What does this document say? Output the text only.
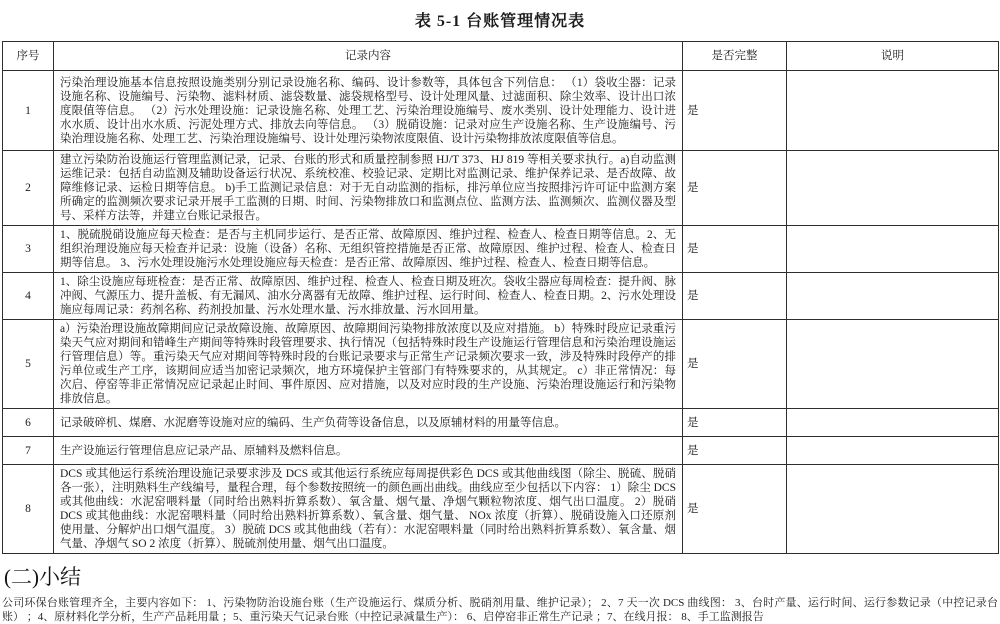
表 5-1 台账管理情况表
序号	记录内容	是否完整	说明
1	污染治理设施基本信息按照设施类别分别记录设施名称、编码、设计参数等，具体包含下列信息： （1）袋收尘器：记录设施名称、设施编号、污染物、滤料材质、滤袋数量、滤袋规格型号、设计处理风量、过滤面积、除尘效率、设计出口浓度限值等信息。 （2）污水处理设施：记录设施名称、处理工艺、污染治理设施编号、废水类别、设计处理能力、设计进水水质、设计出水水质、污泥处理方式、排放去向等信息。 （3）脱硝设施：记录对应生产设施名称、生产设施编号、污染治理设施名称、处理工艺、污染治理设施编号、设计处理污染物浓度限值、设计污染物排放浓度限值等信息。	是	
2	建立污染防治设施运行管理监测记录，记录、台账的形式和质量控制参照 HJ/T 373、HJ 819 等相关要求执行。a)自动监测运维记录：包括自动监测及辅助设备运行状况、系统校准、校验记录、定期比对监测记录、维护保养记录、是否故障、故障维修记录、运检日期等信息。 b)手工监测记录信息：对于无自动监测的指标，排污单位应当按照排污许可证中监测方案所确定的监测频次要求记录开展手工监测的日期、时间、污染物排放口和监测点位、监测方法、监测频次、监测仪器及型号、采样方法等，并建立台账记录报告。	是	
3	1、脱硫脱硝设施应每天检查：是否与主机同步运行、是否正常、故障原因、维护过程、检查人、检查日期等信息。2、无组织治理设施应每天检查并记录：设施（设备）名称、无组织管控措施是否正常、故障原因、维护过程、检查人、检查日期等信息。 3、污水处理设施污水处理设施应每天检查：是否正常、故障原因、维护过程、检查人、检查日期等信息。	是	
4	1、除尘设施应每班检查：是否正常、故障原因、维护过程、检查人、检查日期及班次。袋收尘器应每周检查：提升阀、脉冲阀、气源压力、提升盖板、有无漏风、油水分离器有无故障、维护过程、运行时间、检查人、检查日期。2、污水处理设施应每周记录：药剂名称、药剂投加量、污水处理水量、污水排放量、污水回用量。	是	
5	a）污染治理设施故障期间应记录故障设施、故障原因、故障期间污染物排放浓度以及应对措施。 b）特殊时段应记录重污染天气应对期间和错峰生产期间等特殊时段管理要求、执行情况（包括特殊时段生产设施运行管理信息和污染治理设施运行管理信息）等。重污染天气应对期间等特殊时段的台账记录要求与正常生产记录频次要求一致，涉及特殊时段停产的排污单位或生产工序，该期间应适当加密记录频次，地方环境保护主管部门有特殊要求的，从其规定。 c）非正常情况：每次启、停窑等非正常情况应记录起止时间、事件原因、应对措施，以及对应时段的生产设施、污染治理设施运行和污染物排放信息。	是	
6	记录破碎机、煤磨、水泥磨等设施对应的编码、生产负荷等设备信息，以及原辅材料的用量等信息。	是	
7	生产设施运行管理信息应记录产品、原辅料及燃料信息。	是	
8	DCS 或其他运行系统治理设施记录要求涉及 DCS 或其他运行系统应每周提供彩色 DCS 或其他曲线图（除尘、脱硫、脱硝各一张），注明熟料生产线编号，量程合理，每个参数按照统一的颜色画出曲线。曲线应至少包括以下内容： 1）除尘 DCS 或其他曲线：水泥窑喂料量（同时给出熟料折算系数）、氧含量、烟气量、净烟气颗粒物浓度、烟气出口温度。 2）脱硝 DCS 或其他曲线：水泥窑喂料量（同时给出熟料折算系数）、氧含量、烟气量、 NOx 浓度（折算）、脱硝设施入口还原剂使用量、分解炉出口烟气温度。 3）脱硫 DCS 或其他曲线（若有）：水泥窑喂料量（同时给出熟料折算系数）、氧含量、烟气量、净烟气 SO 2 浓度（折算）、脱硫剂使用量、烟气出口温度。	是	
(二)小结
公司环保台账管理齐全，主要内容如下： 1、污染物防治设施台账（生产设施运行、煤质分析、脱硝剂用量、维护记录）； 2、7 天一次 DCS 曲线图： 3、台时产量、运行时间、运行参数记录（中控记录台账） ；4、原材料化学分析，生产产品耗用量 ；5、重污染天气记录台账（中控记录减量生产）： 6、启停窑非正常生产记录 ；7、在线月报： 8、手工监测报告
